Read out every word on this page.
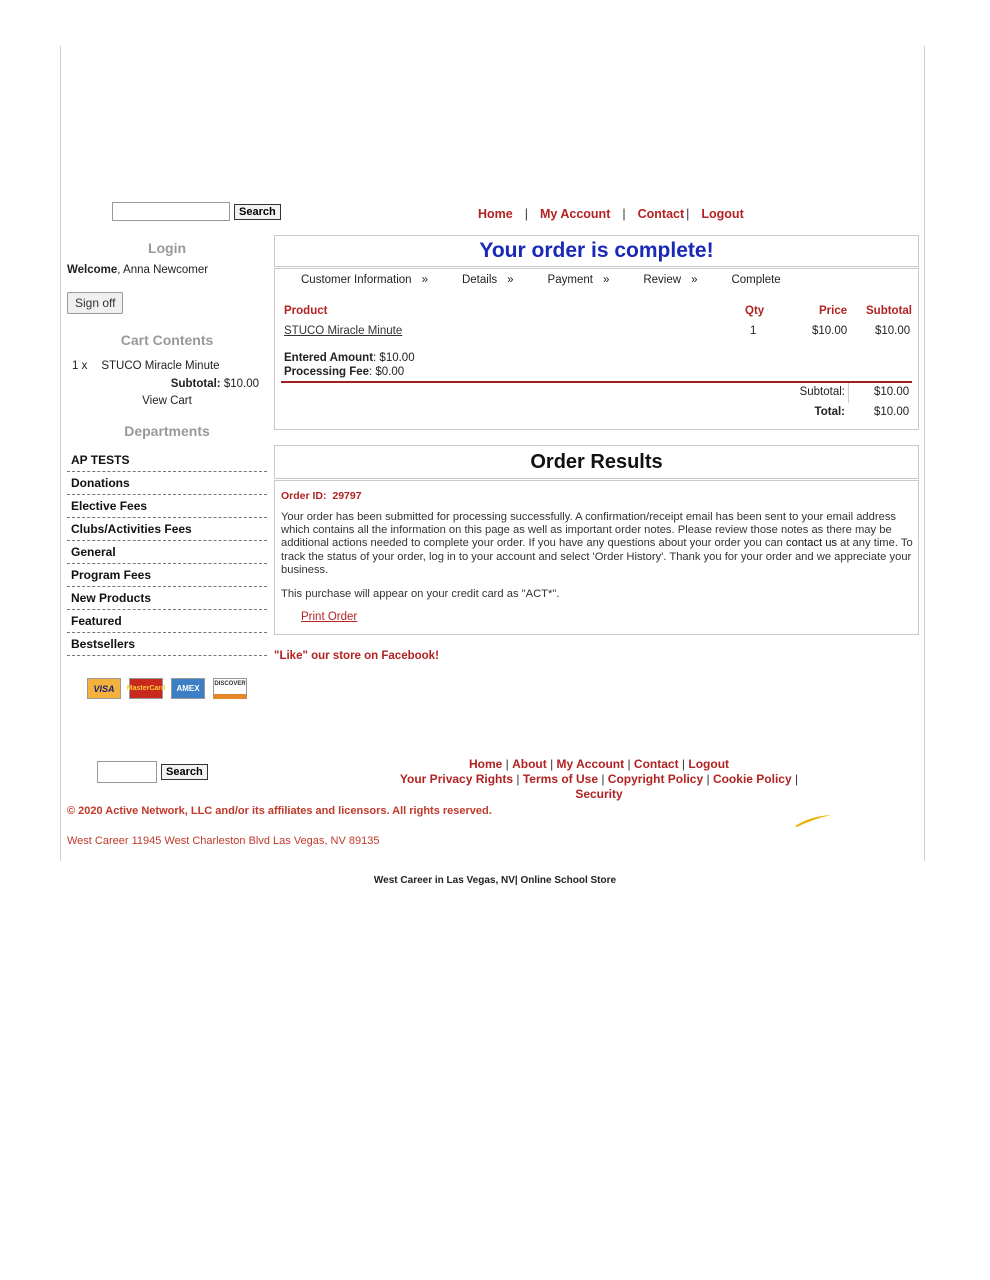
Search	Home | My Account | Contact | Logout
Login
Welcome, Anna Newcomer
Sign off
Cart Contents
1 x STUCO Miracle Minute
Subtotal: $10.00
View Cart
Departments
AP TESTS
Donations
Elective Fees
Clubs/Activities Fees
General
Program Fees
New Products
Featured
Bestsellers
VISA	MasterCard	AMEX	DISCOVER
Your order is complete!
Customer Information »	Details »	Payment »	Review »	Complete
Product	Qty	Price Subtotal
STUCO Miracle Minute	1	$10.00 $10.00
Entered Amount: $10.00
Processing Fee: $0.00
Subtotal:	$10.00
Total:	$10.00
Order Results
Order ID: 29797
Your order has been submitted for processing successfully. A confirmation/receipt email has been sent to your email address which contains all the information on this page as well as important order notes. Please review those notes as there may be additional actions needed to complete your order. If you have any questions about your order you can contact us at any time. To track the status of your order, log in to your account and select 'Order History'. Thank you for your order and we appreciate your business.
This purchase will appear on your credit card as "ACT*".
Print Order
"Like" our store on Facebook!
Search
Home | About | My Account | Contact | Logout
Your Privacy Rights | Terms of Use | Copyright Policy | Cookie Policy | Security
© 2020 Active Network, LLC and/or its affiliates and licensors. All rights reserved.
West Career 11945 West Charleston Blvd Las Vegas, NV 89135
West Career in Las Vegas, NV| Online School Store
